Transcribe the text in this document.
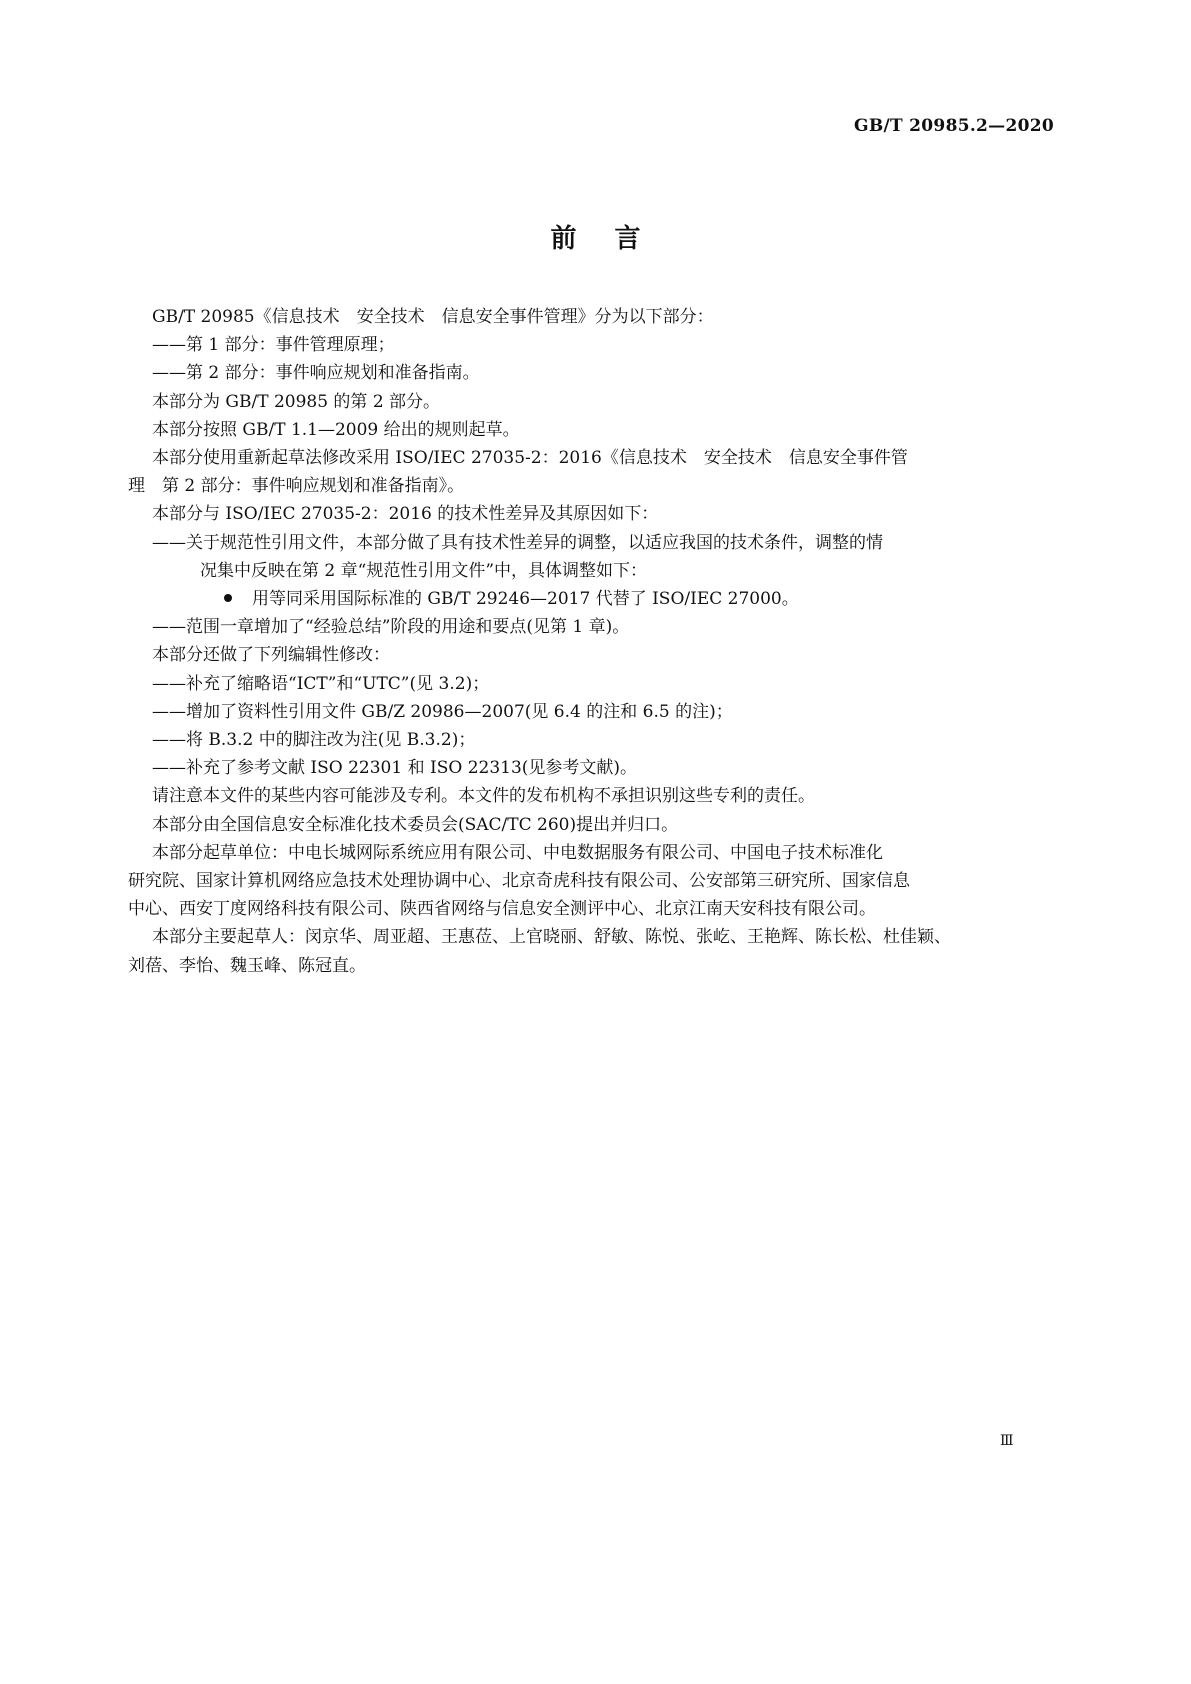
GB/T 20985.2—2020
前言

GB/T 20985《信息技术　安全技术　信息安全事件管理》分为以下部分：

——第 1 部分：事件管理原理；

——第 2 部分：事件响应规划和准备指南。

本部分为 GB/T 20985 的第 2 部分。

本部分按照 GB/T 1.1—2009 给出的规则起草。

本部分使用重新起草法修改采用 ISO/IEC 27035-2：2016《信息技术　安全技术　信息安全事件管

理　第 2 部分：事件响应规划和准备指南》。

本部分与 ISO/IEC 27035-2：2016 的技术性差异及其原因如下：

——关于规范性引用文件，本部分做了具有技术性差异的调整，以适应我国的技术条件，调整的情

况集中反映在第 2 章“规范性引用文件”中，具体调整如下：

用等同采用国际标准的 GB/T 29246—2017 代替了 ISO/IEC 27000。

——范围一章增加了“经验总结”阶段的用途和要点(见第 1 章)。

本部分还做了下列编辑性修改：

——补充了缩略语“ICT”和“UTC”(见 3.2)；

——增加了资料性引用文件 GB/Z 20986—2007(见 6.4 的注和 6.5 的注)；

——将 B.3.2 中的脚注改为注(见 B.3.2)；

——补充了参考文献 ISO 22301 和 ISO 22313(见参考文献)。

请注意本文件的某些内容可能涉及专利。本文件的发布机构不承担识别这些专利的责任。

本部分由全国信息安全标准化技术委员会(SAC/TC 260)提出并归口。

本部分起草单位：中电长城网际系统应用有限公司、中电数据服务有限公司、中国电子技术标准化

研究院、国家计算机网络应急技术处理协调中心、北京奇虎科技有限公司、公安部第三研究所、国家信息

中心、西安丁度网络科技有限公司、陕西省网络与信息安全测评中心、北京江南天安科技有限公司。

本部分主要起草人：闵京华、周亚超、王惠莅、上官晓丽、舒敏、陈悦、张屹、王艳辉、陈长松、杜佳颖、

刘蓓、李怡、魏玉峰、陈冠直。

Ⅲ
